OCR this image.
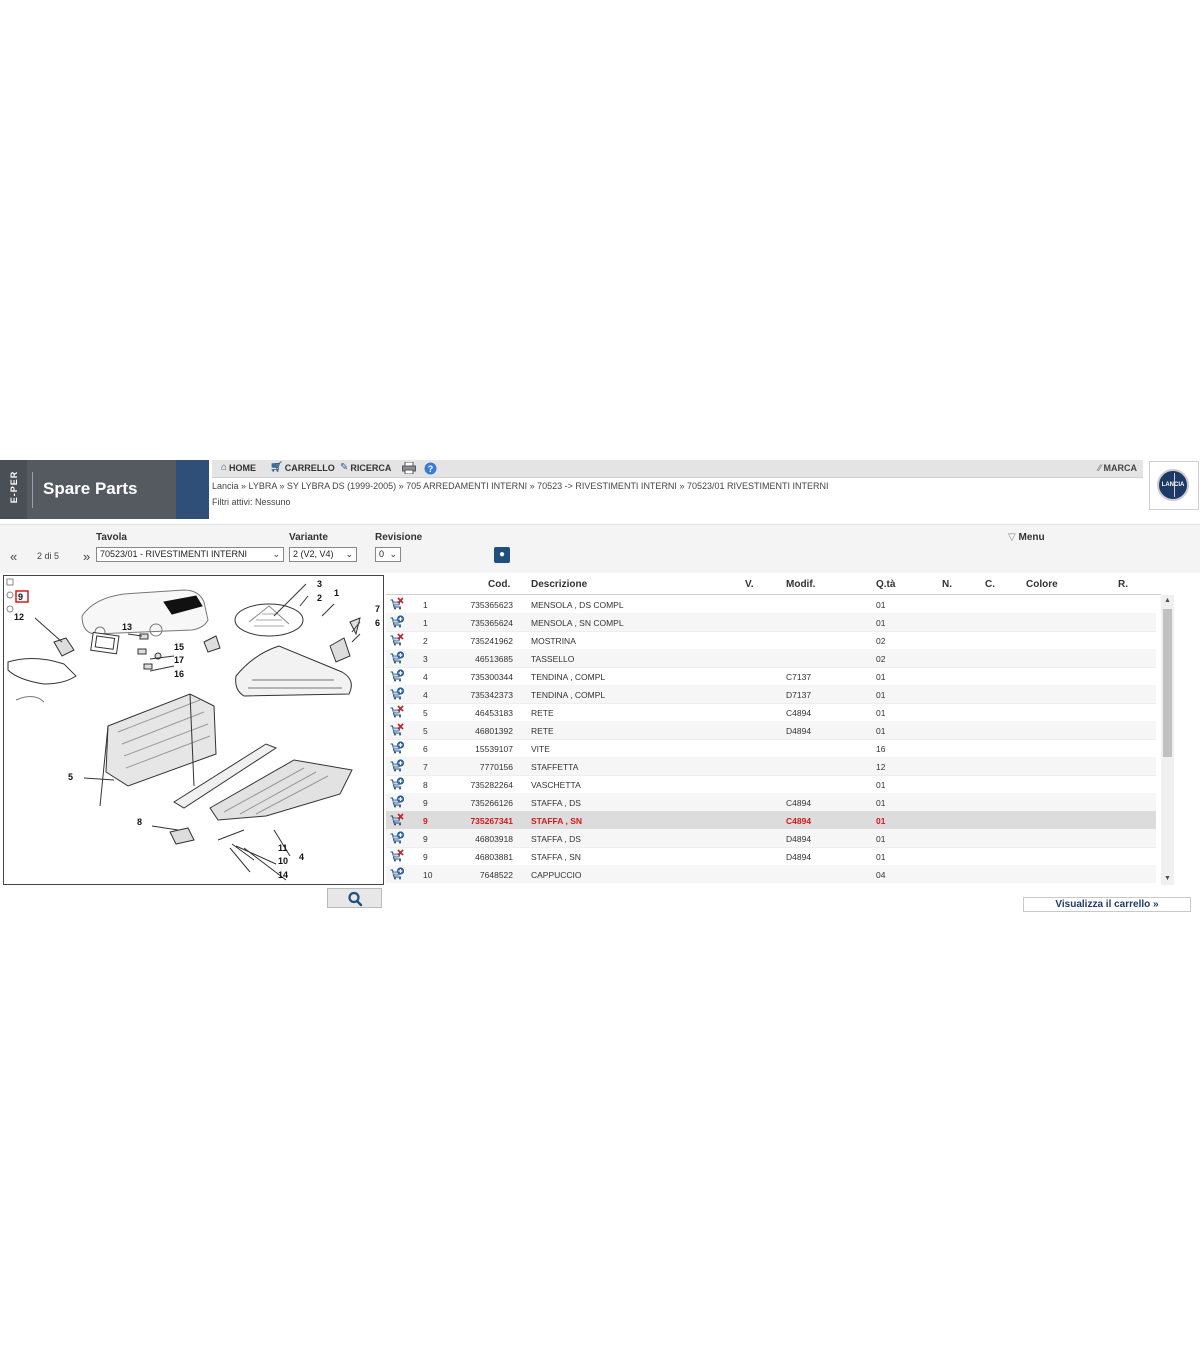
E-PER Spare Parts
⌂ HOME 🛒︎ CARRELLO ✎ RICERCA	?	⁄⁄ MARCA
Lancia » LYBRA » SY LYBRA DS (1999-2005) » 705 ARREDAMENTI INTERNI » 70523 -> RIVESTIMENTI INTERNI » 70523/01 RIVESTIMENTI INTERNI
Filtri attivi: Nessuno
LANCIA
Tavola	Variante	Revisione
« 2 di 5 »	70523/01 - RIVESTIMENTI INTERNI	⌄	2 (V2, V4) ⌄	0 ⌄	●
▽ Menu
12
13
15
17
16
3
2 1
7
6
5
8
11
10 4
14
9
Cod. Descrizione	V.	Modif.	Q.tà	N.	C.	Colore	R.
1	735365623 MENSOLA , DS COMPL	01
1	735365624 MENSOLA , SN COMPL	01
2	735241962 MOSTRINA	02
3	46513685 TASSELLO	02
4	735300344 TENDINA , COMPL	C7137	01
4	735342373 TENDINA , COMPL	D7137	01
5	46453183 RETE	C4894	01
5	46801392 RETE	D4894	01
6	15539107 VITE	16
7	7770156 STAFFETTA	12
8	735282264 VASCHETTA	01
9	735266126 STAFFA , DS	C4894	01
9	735267341 STAFFA , SN	C4894	01
9	46803918 STAFFA , DS	D4894	01
9	46803881 STAFFA , SN	D4894	01
10	7648522 CAPPUCCIO	04
▲
▼
Visualizza il carrello »
